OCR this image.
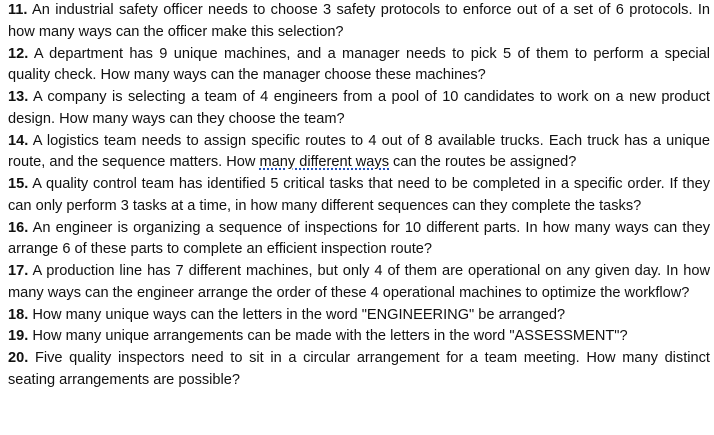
11. An industrial safety officer needs to choose 3 safety protocols to enforce out of a set of 6 protocols. In how many ways can the officer make this selection?

12. A department has 9 unique machines, and a manager needs to pick 5 of them to perform a special quality check. How many ways can the manager choose these machines?

13. A company is selecting a team of 4 engineers from a pool of 10 candidates to work on a new product design. How many ways can they choose the team?

14. A logistics team needs to assign specific routes to 4 out of 8 available trucks. Each truck has a unique route, and the sequence matters. How many different ways can the routes be assigned?

15. A quality control team has identified 5 critical tasks that need to be completed in a specific order. If they can only perform 3 tasks at a time, in how many different sequences can they complete the tasks?

16. An engineer is organizing a sequence of inspections for 10 different parts. In how many ways can they arrange 6 of these parts to complete an efficient inspection route?

17. A production line has 7 different machines, but only 4 of them are operational on any given day. In how many ways can the engineer arrange the order of these 4 operational machines to optimize the workflow?

18. How many unique ways can the letters in the word "ENGINEERING" be arranged?

19. How many unique arrangements can be made with the letters in the word "ASSESSMENT"?

20. Five quality inspectors need to sit in a circular arrangement for a team meeting. How many distinct seating arrangements are possible?
